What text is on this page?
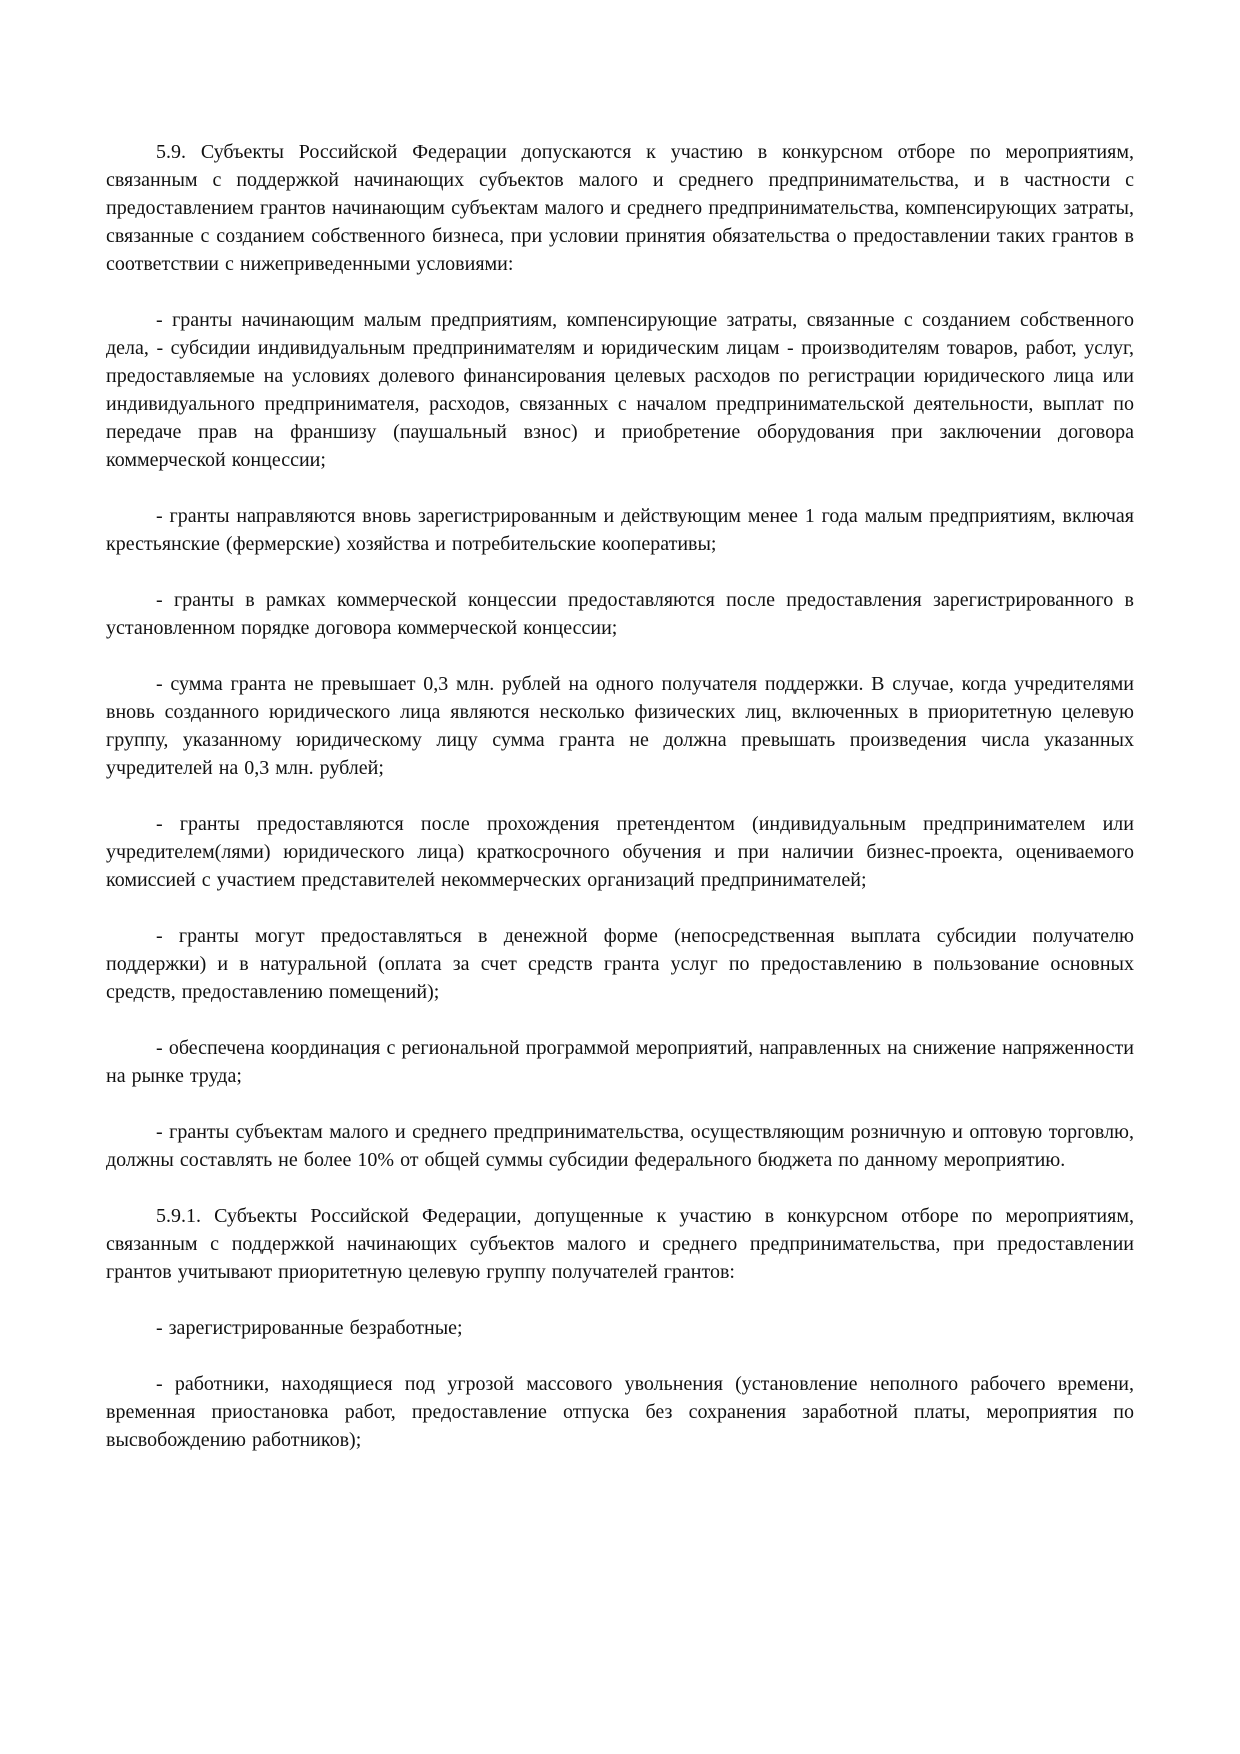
5.9. Субъекты Российской Федерации допускаются к участию в конкурсном отборе по мероприятиям, связанным с поддержкой начинающих субъектов малого и среднего предпринимательства, и в частности с предоставлением грантов начинающим субъектам малого и среднего предпринимательства, компенсирующих затраты, связанные с созданием собственного бизнеса, при условии принятия обязательства о предоставлении таких грантов в соответствии с нижеприведенными условиями:

- гранты начинающим малым предприятиям, компенсирующие затраты, связанные с созданием собственного дела, - субсидии индивидуальным предпринимателям и юридическим лицам - производителям товаров, работ, услуг, предоставляемые на условиях долевого финансирования целевых расходов по регистрации юридического лица или индивидуального предпринимателя, расходов, связанных с началом предпринимательской деятельности, выплат по передаче прав на франшизу (паушальный взнос) и приобретение оборудования при заключении договора коммерческой концессии;

- гранты направляются вновь зарегистрированным и действующим менее 1 года малым предприятиям, включая крестьянские (фермерские) хозяйства и потребительские кооперативы;

- гранты в рамках коммерческой концессии предоставляются после предоставления зарегистрированного в установленном порядке договора коммерческой концессии;

- сумма гранта не превышает 0,3 млн. рублей на одного получателя поддержки. В случае, когда учредителями вновь созданного юридического лица являются несколько физических лиц, включенных в приоритетную целевую группу, указанному юридическому лицу сумма гранта не должна превышать произведения числа указанных учредителей на 0,3 млн. рублей;

- гранты предоставляются после прохождения претендентом (индивидуальным предпринимателем или учредителем(лями) юридического лица) краткосрочного обучения и при наличии бизнес-проекта, оцениваемого комиссией с участием представителей некоммерческих организаций предпринимателей;

- гранты могут предоставляться в денежной форме (непосредственная выплата субсидии получателю поддержки) и в натуральной (оплата за счет средств гранта услуг по предоставлению в пользование основных средств, предоставлению помещений);

- обеспечена координация с региональной программой мероприятий, направленных на снижение напряженности на рынке труда;

- гранты субъектам малого и среднего предпринимательства, осуществляющим розничную и оптовую торговлю, должны составлять не более 10% от общей суммы субсидии федерального бюджета по данному мероприятию.

5.9.1. Субъекты Российской Федерации, допущенные к участию в конкурсном отборе по мероприятиям, связанным с поддержкой начинающих субъектов малого и среднего предпринимательства, при предоставлении грантов учитывают приоритетную целевую группу получателей грантов:

- зарегистрированные безработные;

- работники, находящиеся под угрозой массового увольнения (установление неполного рабочего времени, временная приостановка работ, предоставление отпуска без сохранения заработной платы, мероприятия по высвобождению работников);
